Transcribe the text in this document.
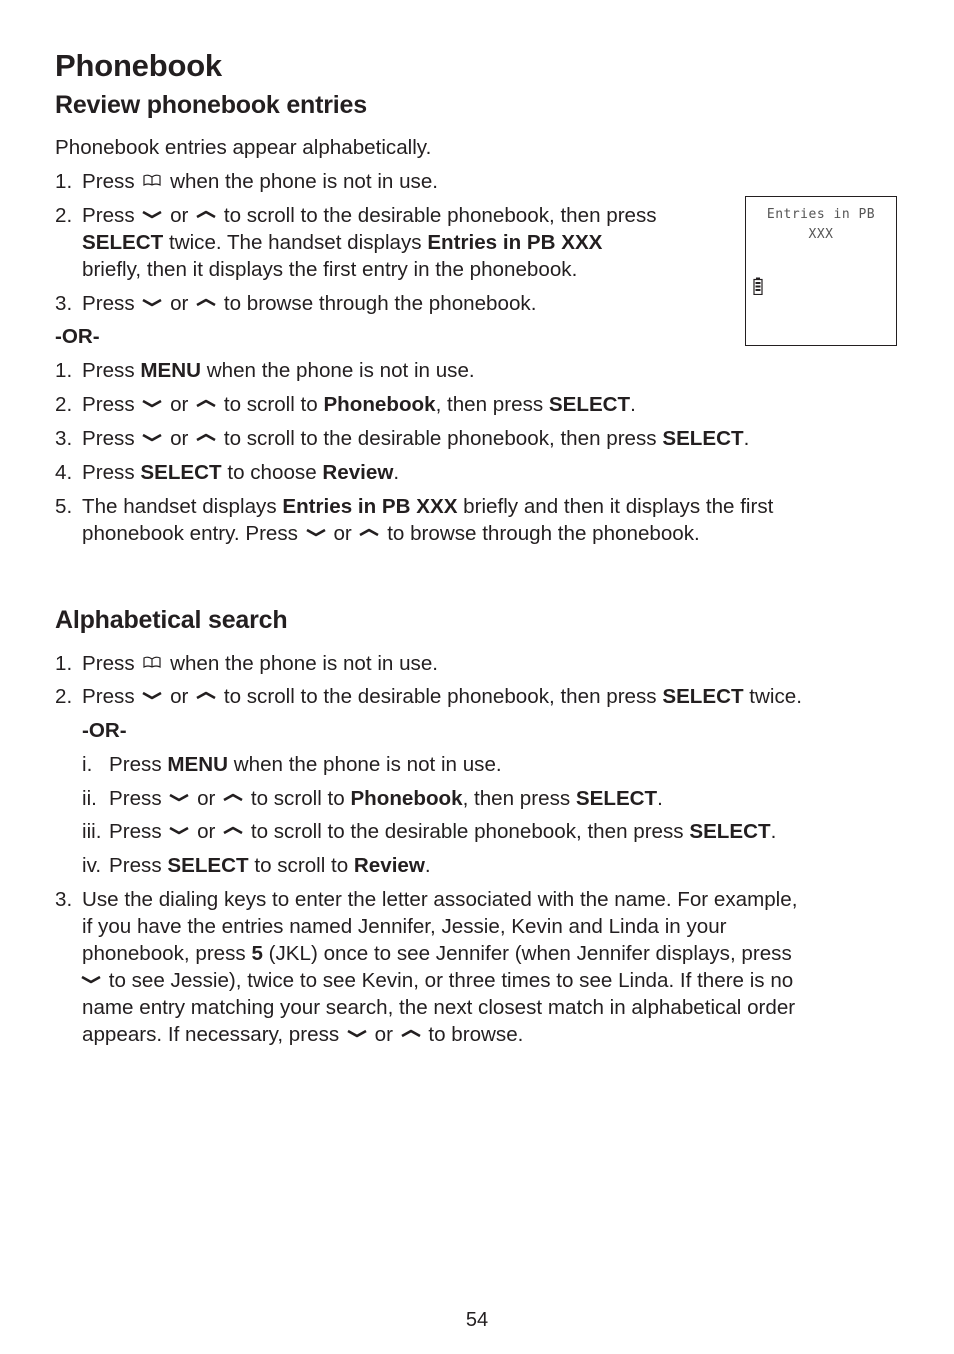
Phonebook
Review phonebook entries
Phonebook entries appear alphabetically.
1. Press
when the phone is not in use.
2. Press
or
to scroll to the desirable phonebook, then press
SELECT twice. The handset displays Entries in PB XXX
briefly, then it displays the first entry in the phonebook.
3. Press
or
to browse through the phonebook.
-OR-
1. Press MENU when the phone is not in use.
2. Press
or
to scroll to Phonebook, then press SELECT.
3. Press
or
to scroll to the desirable phonebook, then press SELECT.
4. Press SELECT to choose Review.
5. The handset displays Entries in PB XXX briefly and then it displays the first
phonebook entry. Press
or
to browse through the phonebook.
Entries in PB
XXX
Alphabetical search
1. Press
when the phone is not in use.
2. Press
or
to scroll to the desirable phonebook, then press SELECT twice.
-OR-
i. Press MENU when the phone is not in use.
ii. Press
or
to scroll to Phonebook, then press SELECT.
iii. Press
or
to scroll to the desirable phonebook, then press SELECT.
iv. Press SELECT to scroll to Review.
3. Use the dialing keys to enter the letter associated with the name. For example,
if you have the entries named Jennifer, Jessie, Kevin and Linda in your
phonebook, press 5 (JKL) once to see Jennifer (when Jennifer displays, press
to see Jessie), twice to see Kevin, or three times to see Linda. If there is no
name entry matching your search, the next closest match in alphabetical order
appears. If necessary, press
or
to browse.
54
